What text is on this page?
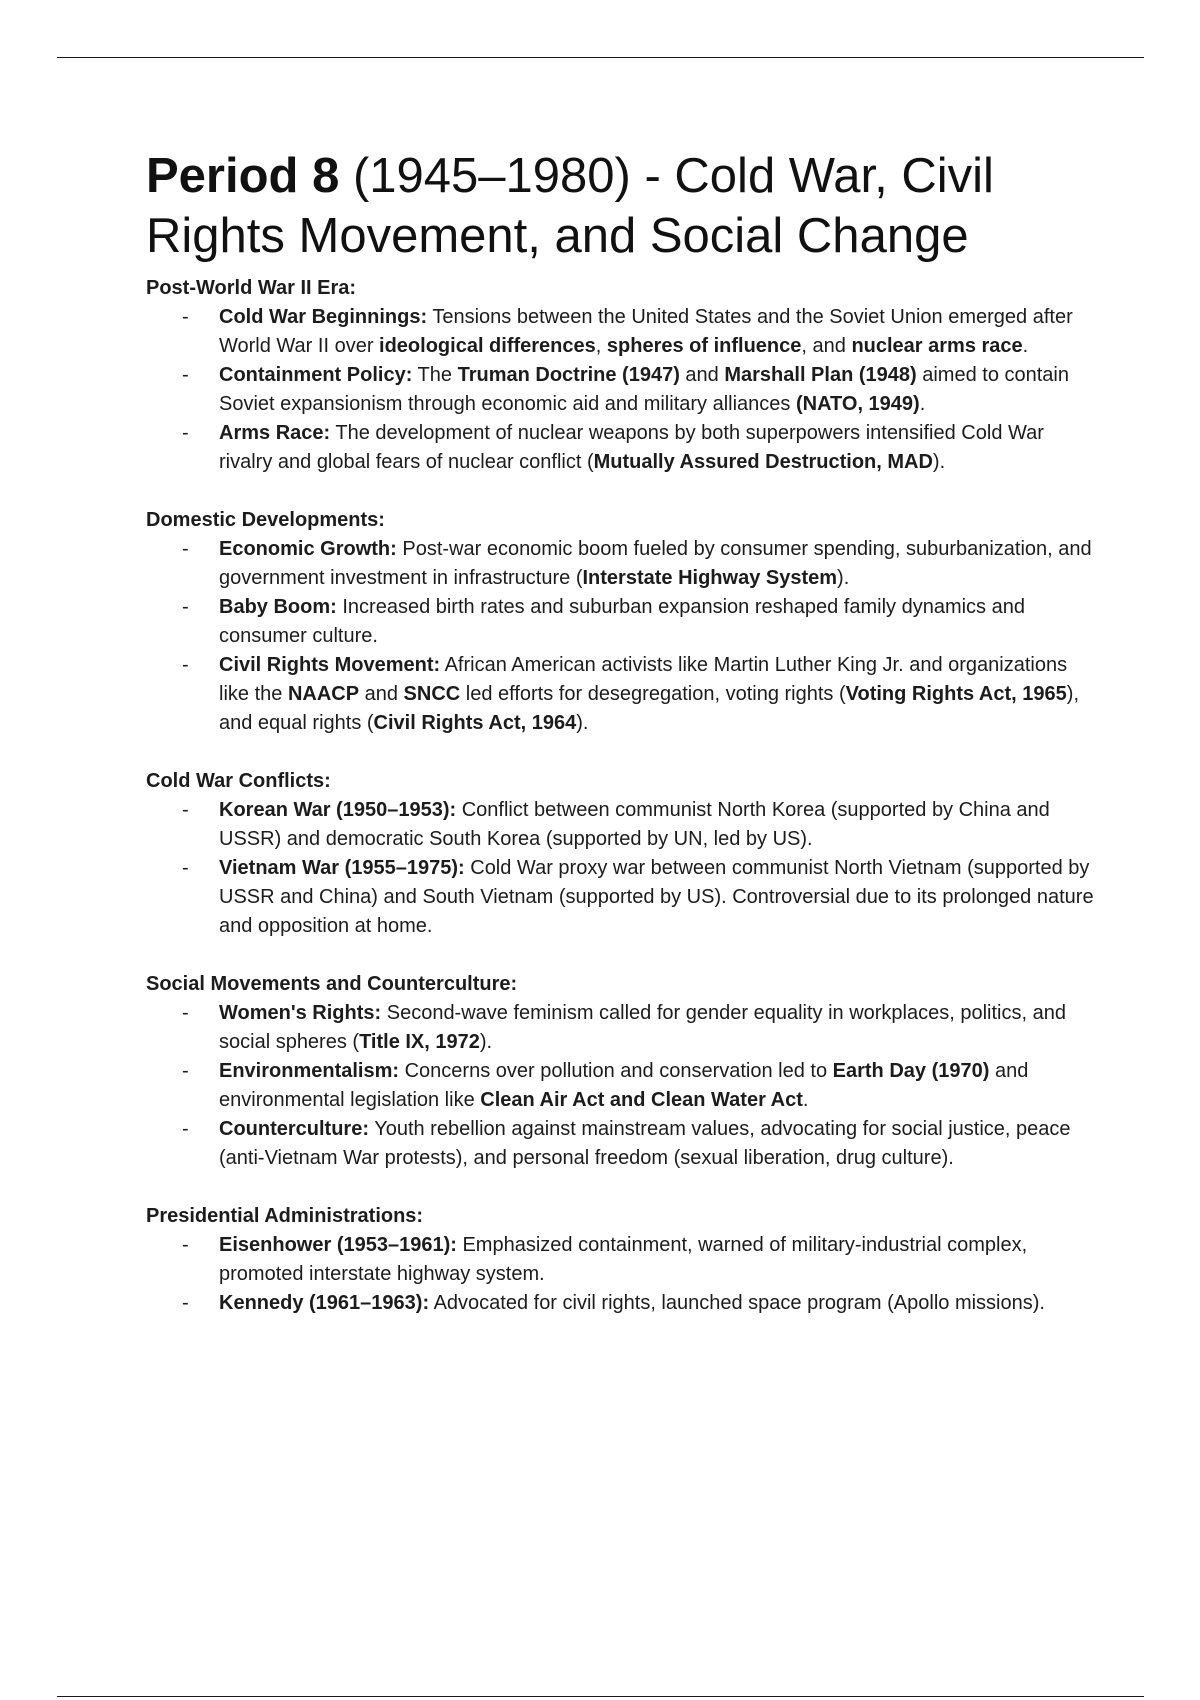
Period 8 (1945–1980) - Cold War, Civil Rights Movement, and Social Change
Post-World War II Era:
- Cold War Beginnings: Tensions between the United States and the Soviet Union emerged after World War II over ideological differences, spheres of influence, and nuclear arms race.
- Containment Policy: The Truman Doctrine (1947) and Marshall Plan (1948) aimed to contain Soviet expansionism through economic aid and military alliances (NATO, 1949).
- Arms Race: The development of nuclear weapons by both superpowers intensified Cold War rivalry and global fears of nuclear conflict (Mutually Assured Destruction, MAD).
Domestic Developments:
- Economic Growth: Post-war economic boom fueled by consumer spending, suburbanization, and government investment in infrastructure (Interstate Highway System).
- Baby Boom: Increased birth rates and suburban expansion reshaped family dynamics and consumer culture.
- Civil Rights Movement: African American activists like Martin Luther King Jr. and organizations like the NAACP and SNCC led efforts for desegregation, voting rights (Voting Rights Act, 1965), and equal rights (Civil Rights Act, 1964).
Cold War Conflicts:
- Korean War (1950–1953): Conflict between communist North Korea (supported by China and USSR) and democratic South Korea (supported by UN, led by US).
- Vietnam War (1955–1975): Cold War proxy war between communist North Vietnam (supported by USSR and China) and South Vietnam (supported by US). Controversial due to its prolonged nature and opposition at home.
Social Movements and Counterculture:
- Women's Rights: Second-wave feminism called for gender equality in workplaces, politics, and social spheres (Title IX, 1972).
- Environmentalism: Concerns over pollution and conservation led to Earth Day (1970) and environmental legislation like Clean Air Act and Clean Water Act.
- Counterculture: Youth rebellion against mainstream values, advocating for social justice, peace (anti-Vietnam War protests), and personal freedom (sexual liberation, drug culture).
Presidential Administrations:
- Eisenhower (1953–1961): Emphasized containment, warned of military-industrial complex, promoted interstate highway system.
- Kennedy (1961–1963): Advocated for civil rights, launched space program (Apollo missions).
